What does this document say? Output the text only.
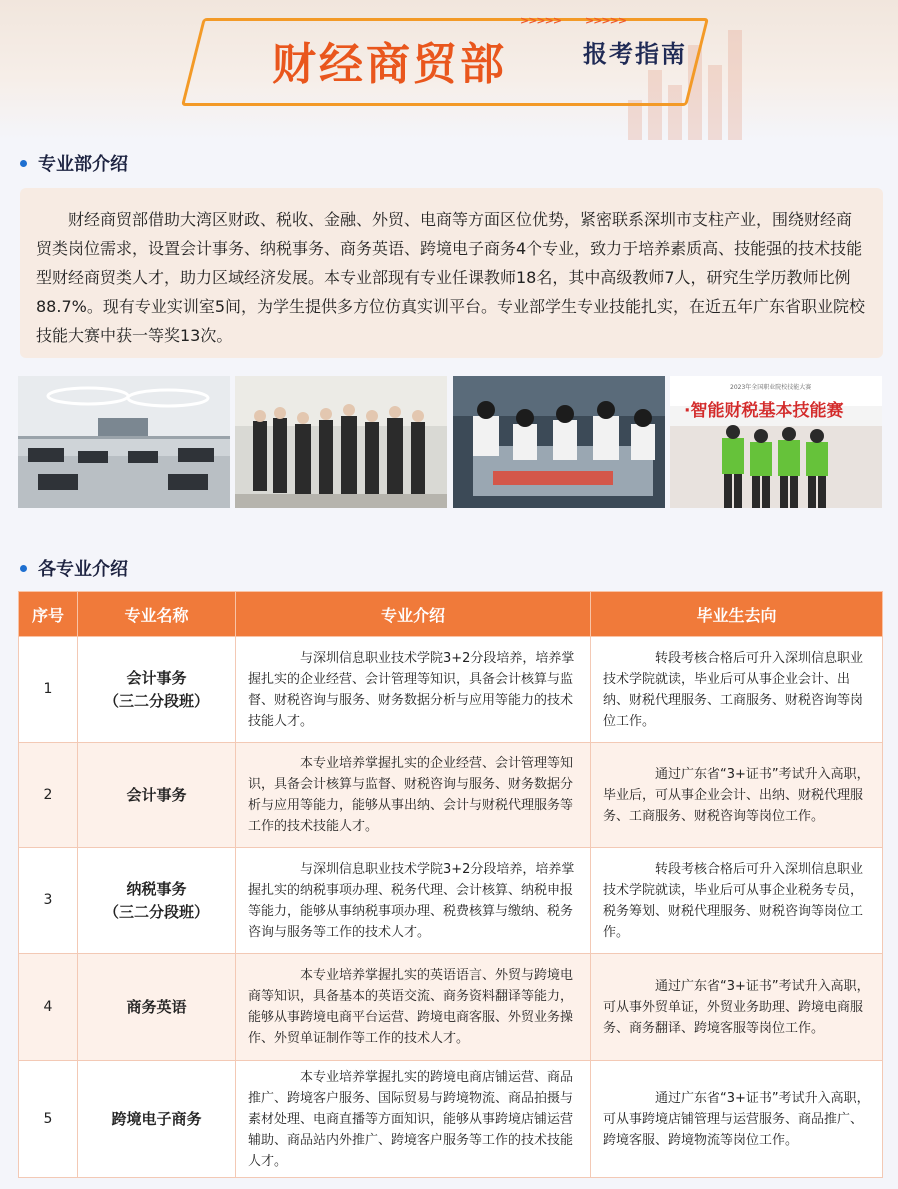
>>>>> >>>>>
财经商贸部	报考指南
专业部介绍
财经商贸部借助大湾区财政、税收、金融、外贸、电商等方面区位优势，紧密联系深圳市支柱产业，围绕财经商贸类岗位需求，设置会计事务、纳税事务、商务英语、跨境电子商务4个专业，致力于培养素质高、技能强的技术技能型财经商贸类人才，助力区域经济发展。本专业部现有专业任课教师18名，其中高级教师7人，研究生学历教师比例88.7%。现有专业实训室5间，为学生提供多方位仿真实训平台。专业部学生专业技能扎实，在近五年广东省职业院校技能大赛中获一等奖13次。
2023年全国职业院校技能大赛
·智能财税基本技能赛
各专业介绍
序号	专业名称	专业介绍	毕业生去向
1	会计事务
（三二分段班）	与深圳信息职业技术学院3+2分段培养，培养掌握扎实的企业经营、会计管理等知识，具备会计核算与监督、财税咨询与服务、财务数据分析与应用等能力的技术技能人才。	转段考核合格后可升入深圳信息职业技术学院就读，毕业后可从事企业会计、出纳、财税代理服务、工商服务、财税咨询等岗位工作。
2	会计事务	本专业培养掌握扎实的企业经营、会计管理等知识，具备会计核算与监督、财税咨询与服务、财务数据分析与应用等能力，能够从事出纳、会计与财税代理服务等工作的技术技能人才。	通过广东省“3+证书”考试升入高职，毕业后，可从事企业会计、出纳、财税代理服务、工商服务、财税咨询等岗位工作。
3	纳税事务
（三二分段班）	与深圳信息职业技术学院3+2分段培养，培养掌握扎实的纳税事项办理、税务代理、会计核算、纳税申报等能力，能够从事纳税事项办理、税费核算与缴纳、税务咨询与服务等工作的技术人才。	转段考核合格后可升入深圳信息职业技术学院就读，毕业后可从事企业税务专员，税务筹划、财税代理服务、财税咨询等岗位工作。
4	商务英语	本专业培养掌握扎实的英语语言、外贸与跨境电商等知识，具备基本的英语交流、商务资料翻译等能力，能够从事跨境电商平台运营、跨境电商客服、外贸业务操作、外贸单证制作等工作的技术人才。	通过广东省“3+证书”考试升入高职，可从事外贸单证，外贸业务助理、跨境电商服务、商务翻译、跨境客服等岗位工作。
5	跨境电子商务	本专业培养掌握扎实的跨境电商店铺运营、商品推广、跨境客户服务、国际贸易与跨境物流、商品拍摄与素材处理、电商直播等方面知识，能够从事跨境店铺运营辅助、商品站内外推广、跨境客户服务等工作的技术技能人才。	通过广东省“3+证书”考试升入高职，可从事跨境店铺管理与运营服务、商品推广、跨境客服、跨境物流等岗位工作。
